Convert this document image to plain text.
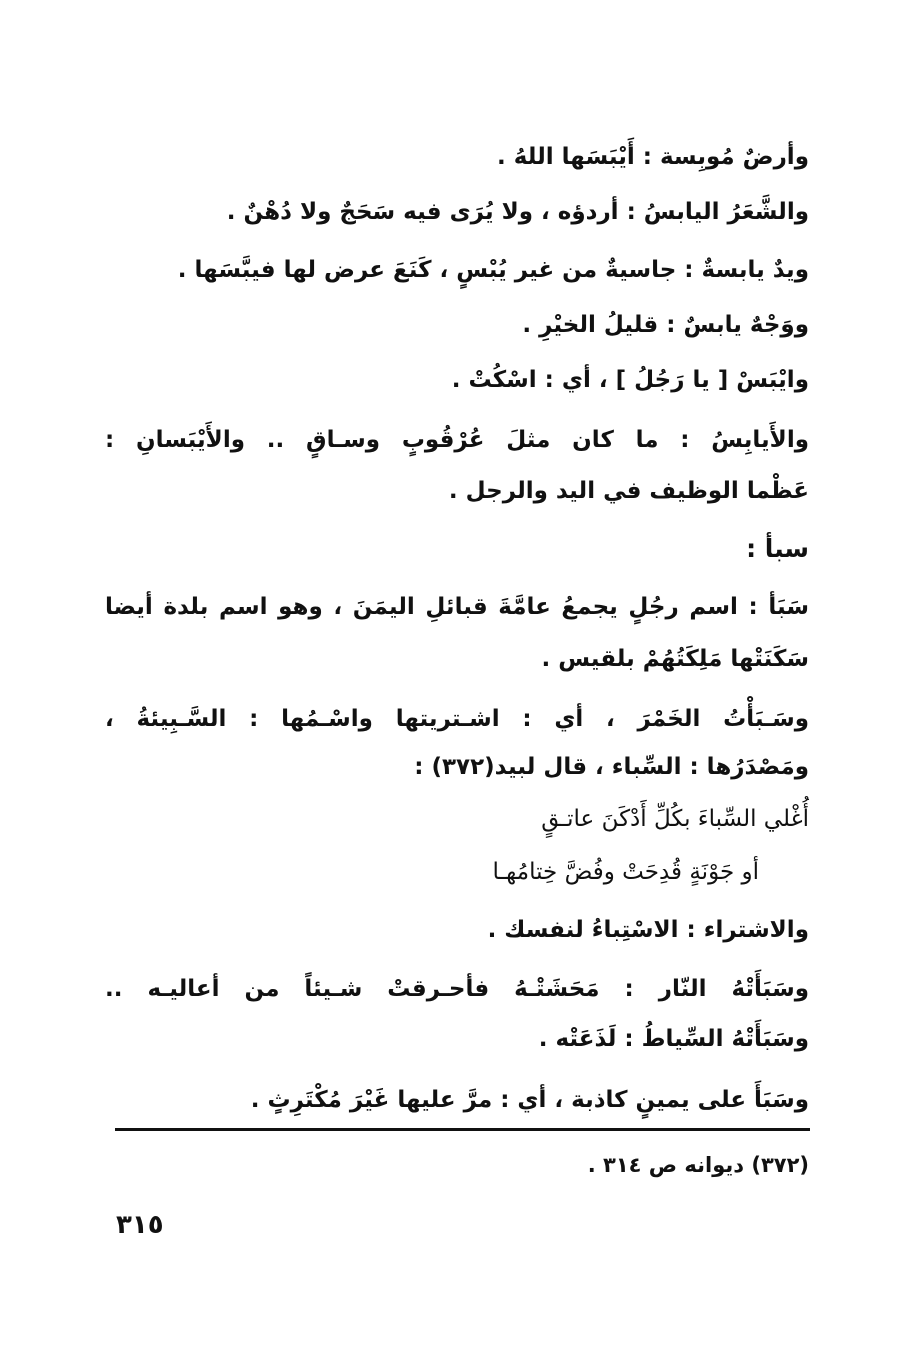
وأرضٌ مُوبِسة : أَيْبَسَها اللهُ .
والشَّعَرُ اليابسُ : أردؤه ، ولا يُرَى فيه سَحَجٌ ولا دُهْنٌ .
ويدٌ يابسةٌ : جاسيةٌ من غير يُبْسٍ ، كَنَعَ عرض لها فيبَّسَها .
ووَجْهٌ يابسٌ : قليلُ الخيْرِ .
وايْبَسْ [ يا رَجُلُ ] ، أي : اسْكُتْ .
والأَيابِسُ : ما كان مثلَ عُرْقُوبٍ وسـاقٍ .. والأَيْبَسانِ :
عَظْما الوظيف في اليد والرجل .
سبأ :
سَبَأ : اسم رجُلٍ يجمعُ عامَّةَ قبائلِ اليمَنَ ، وهو اسم بلدة أيضا
سَكَنَتْها مَلِكَتُهُمْ بلقيس .
وسَـبَأْتُ الخَمْرَ ، أي : اشـتريتها واسْـمُها : السَّـبِيئةُ ،
ومَصْدَرُها : السِّباء ، قال لبيد(٣٧٢) :
أُغْلي السِّباءَ بكُلِّ أَدْكَنَ عاتـقٍ
أو جَوْنَةٍ قُدِحَتْ وفُضَّ خِتامُهـا
والاشتراء : الاسْتِباءُ لنفسك .
وسَبَأَتْهُ النّار : مَحَشَتْـهُ فأحـرقتْ شـيئاً من أعاليـه ..
وسَبَأَتْهُ السِّياطُ : لَذَعَتْه .
وسَبَأَ على يمينٍ كاذبة ، أي : مرَّ عليها غَيْرَ مُكْتَرِثٍ .
(٣٧٢) ديوانه ص ٣١٤ .
٣١٥
